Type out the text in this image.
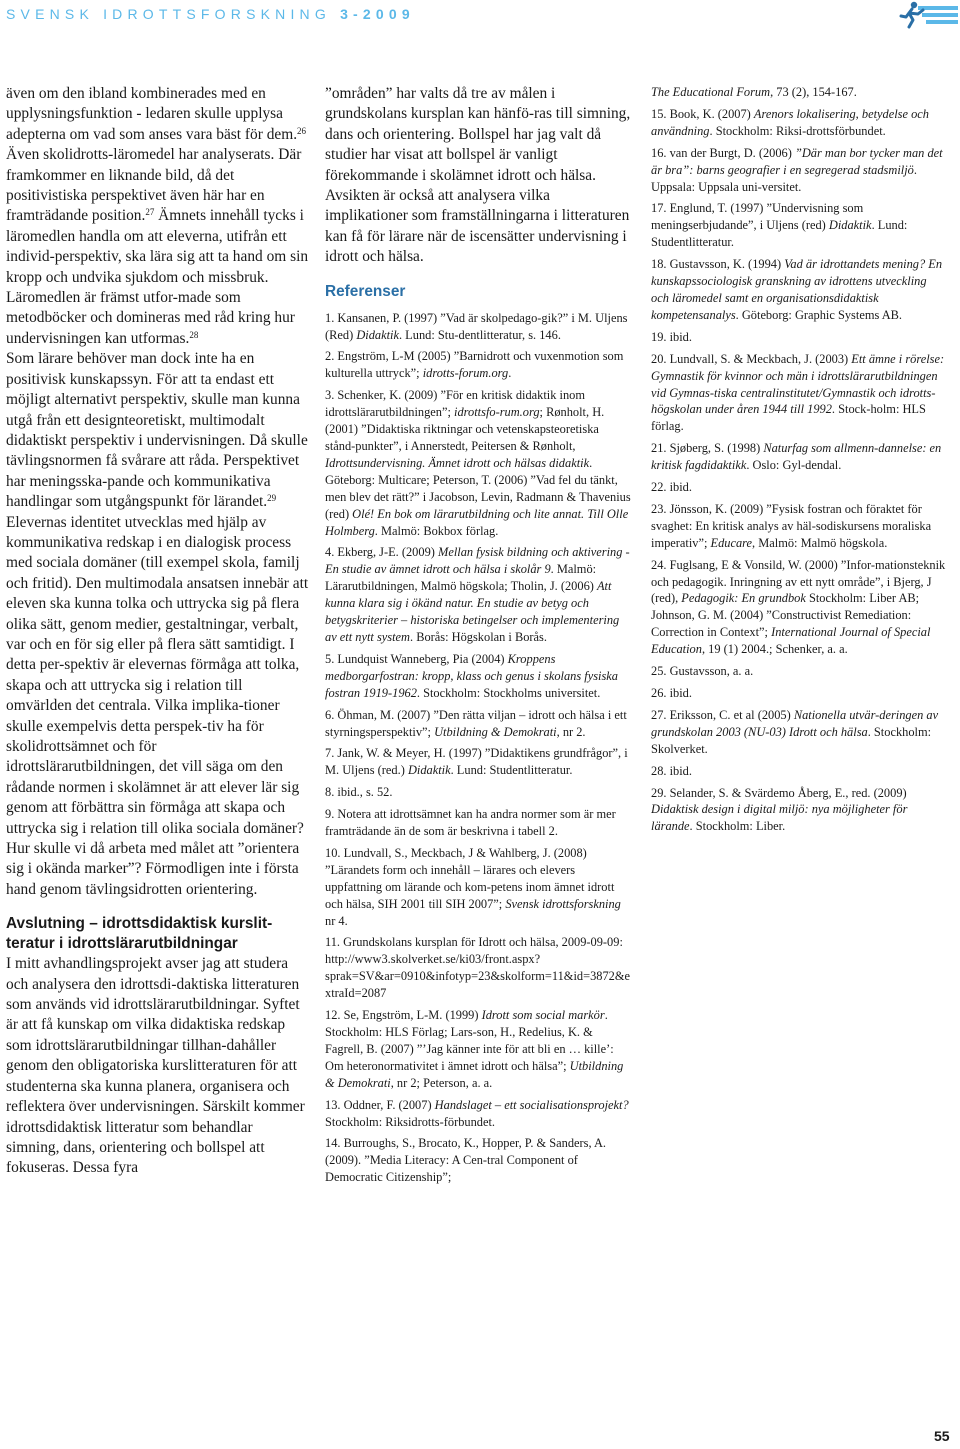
SVENSK IDROTTSFORSKNING 3-2009

även om den ibland kombinerades med en upplysningsfunktion - ledaren skulle upplysa adepterna om vad som anses vara bäst för dem.$^{26}$ Även skolidrotts-läromedel har analyserats. Där framkommer en liknande bild, då det positivistiska perspektivet även här har en framträdande position.$^{27}$ Ämnets innehåll tycks i läromedlen handla om att eleverna, utifrån ett individ-perspektiv, ska lära sig att ta hand om sin kropp och undvika sjukdom och missbruk. Läromedlen är främst utfor-made som metodböcker och domineras med råd kring hur undervisningen kan utformas.$^{28}$

Som lärare behöver man dock inte ha en positivisk kunskapssyn. För att ta endast ett möjligt alternativt perspektiv, skulle man kunna utgå från ett designteoretiskt, multimodalt didaktiskt perspektiv i undervisningen. Då skulle tävlingsnormen få svårare att råda. Perspektivet har meningsska-pande och kommunikativa handlingar som utgångspunkt för lärandet.$^{29}$ Elevernas identitet utvecklas med hjälp av kommunikativa redskap i en dialogisk process med sociala domäner (till exempel skola, familj och fritid). Den multimodala ansatsen innebär att eleven ska kunna tolka och uttrycka sig på flera olika sätt, genom medier, gestaltningar, verbalt, var och en för sig eller på flera sätt samtidigt. I detta per-spektiv är elevernas förmåga att tolka, skapa och att uttrycka sig i relation till omvärlden det centrala. Vilka implika-tioner skulle exempelvis detta perspek-tiv ha för skolidrottsämnet och för idrottslärarutbildningen, det vill säga om den rådande normen i skolämnet är att elever lär sig genom att förbättra sin förmåga att skapa och uttrycka sig i relation till olika sociala domäner? Hur skulle vi då arbeta med målet att ”orientera sig i okända marker”? Förmodligen inte i första hand genom tävlingsidrotten orientering.

Avslutning – idrottsdidaktisk kurslit-teratur i idrottslärarutbildningar

I mitt avhandlingsprojekt avser jag att studera och analysera den idrottsdi-daktiska litteraturen som används vid idrottslärarutbildningar. Syftet är att få kunskap om vilka didaktiska redskap som idrottslärarutbildningar tillhan-dahåller genom den obligatoriska kurslitteraturen för att studenterna ska kunna planera, organisera och reflektera över undervisningen. Särskilt kommer idrottsdidaktisk litteratur som behandlar simning, dans, orientering och bollspel att fokuseras. Dessa fyra

”områden” har valts då tre av målen i grundskolans kursplan kan hänfö-ras till simning, dans och orientering. Bollspel har jag valt då studier har visat att bollspel är vanligt förekommande i skolämnet idrott och hälsa. Avsikten är också att analysera vilka implikationer som framställningarna i litteraturen kan få för lärare när de iscensätter undervisning i idrott och hälsa.

Referenser
1. Kansanen, P. (1997) ”Vad är skolpedago-gik?” i M. Uljens (Red) Didaktik. Lund: Stu-dentlitteratur, s. 146.
2. Engström, L-M (2005) ”Barnidrott och vuxenmotion som kulturella uttryck”; idrotts-forum.org.
3. Schenker, K. (2009) ”För en kritisk didaktik inom idrottslärarutbildningen”; idrottsfo-rum.org; Rønholt, H. (2001) ”Didaktiska riktningar och vetenskapsteoretiska stånd-punkter”, i Annerstedt, Peitersen & Rønholt, Idrottsundervisning. Ämnet idrott och hälsas didaktik. Göteborg: Multicare; Peterson, T. (2006) ”Vad fel du tänkt, men blev det rätt?” i Jacobson, Levin, Radmann & Thavenius (red) Olé! En bok om lärarutbildning och lite annat. Till Olle Holmberg. Malmö: Bokbox förlag.
4. Ekberg, J-E. (2009) Mellan fysisk bildning och aktivering - En studie av ämnet idrott och hälsa i skolår 9. Malmö: Lärarutbildningen, Malmö högskola; Tholin, J. (2006) Att kunna klara sig i ökänd natur. En studie av betyg och betygskriterier – historiska betingelser och implementering av ett nytt system. Borås: Högskolan i Borås.
5. Lundquist Wanneberg, Pia (2004) Kroppens medborgarfostran: kropp, klass och genus i skolans fysiska fostran 1919-1962. Stockholm: Stockholms universitet.
6. Öhman, M. (2007) ”Den rätta viljan – idrott och hälsa i ett styrningsperspektiv”; Utbildning & Demokrati, nr 2.
7. Jank, W. & Meyer, H. (1997) ”Didaktikens grundfrågor”, i M. Uljens (red.) Didaktik. Lund: Studentlitteratur.
8. ibid., s. 52.
9. Notera att idrottsämnet kan ha andra normer som är mer framträdande än de som är beskrivna i tabell 2.
10. Lundvall, S., Meckbach, J & Wahlberg, J. (2008) ”Lärandets form och innehåll – lärares och elevers uppfattning om lärande och kom-petens inom ämnet idrott och hälsa, SIH 2001 till SIH 2007”; Svensk idrottsforskning nr 4.
11. Grundskolans kursplan för Idrott och hälsa, 2009-09-09: http://www3.skolverket.se/ki03/front.aspx?sprak=SV&ar=0910&infotyp=23&skolform=11&id=3872&extraId=2087
12. Se, Engström, L-M. (1999) Idrott som social markör. Stockholm: HLS Förlag; Lars-son, H., Redelius, K. & Fagrell, B. (2007) ”’Jag känner inte för att bli en … kille’: Om heteronormativitet i ämnet idrott och hälsa”; Utbildning & Demokrati, nr 2; Peterson, a. a.
13. Oddner, F. (2007) Handslaget – ett socialisationsprojekt? Stockholm: Riksidrotts-förbundet.
14. Burroughs, S., Brocato, K., Hopper, P. & Sanders, A. (2009). ”Media Literacy: A Cen-tral Component of Democratic Citizenship”;
The Educational Forum, 73 (2), 154-167.
15. Book, K. (2007) Arenors lokalisering, betydelse och användning. Stockholm: Riksi-drottsförbundet.
16. van der Burgt, D. (2006) ”Där man bor tycker man det är bra”: barns geografier i en segregerad stadsmiljö. Uppsala: Uppsala uni-versitet.
17. Englund, T. (1997) ”Undervisning som meningserbjudande”, i Uljens (red) Didaktik. Lund: Studentlitteratur.
18. Gustavsson, K. (1994) Vad är idrottandets mening? En kunskapssociologisk granskning av idrottens utveckling och läromedel samt en organisationsdidaktisk kompetensanalys. Göteborg: Graphic Systems AB.
19. ibid.
20. Lundvall, S. & Meckbach, J. (2003) Ett ämne i rörelse: Gymnastik för kvinnor och män i idrottslärarutbildningen vid Gymnas-tiska centralinstitutet/Gymnastik och idrotts-högskolan under åren 1944 till 1992. Stock-holm: HLS förlag.
21. Sjøberg, S. (1998) Naturfag som allmenn-dannelse: en kritisk fagdidaktikk. Oslo: Gyl-dendal.
22. ibid.
23. Jönsson, K. (2009) ”Fysisk fostran och föraktet för svaghet: En kritisk analys av häl-sodiskursens moraliska imperativ”; Educare, Malmö: Malmö högskola.
24. Fuglsang, E & Vonsild, W. (2000) ”Infor-mationsteknik och pedagogik. Inringning av ett nytt område”, i Bjerg, J (red), Pedagogik: En grundbok Stockholm: Liber AB; Johnson, G. M. (2004) ”Constructivist Remediation: Correction in Context”; International Journal of Special Education, 19 (1) 2004.; Schenker, a. a.
25. Gustavsson, a. a.
26. ibid.
27. Eriksson, C. et al (2005) Nationella utvär-deringen av grundskolan 2003 (NU-03) Idrott och hälsa. Stockholm: Skolverket.
28. ibid.
29. Selander, S. & Svärdemo Åberg, E., red. (2009) Didaktisk design i digital miljö: nya möjligheter för lärande. Stockholm: Liber.
55
